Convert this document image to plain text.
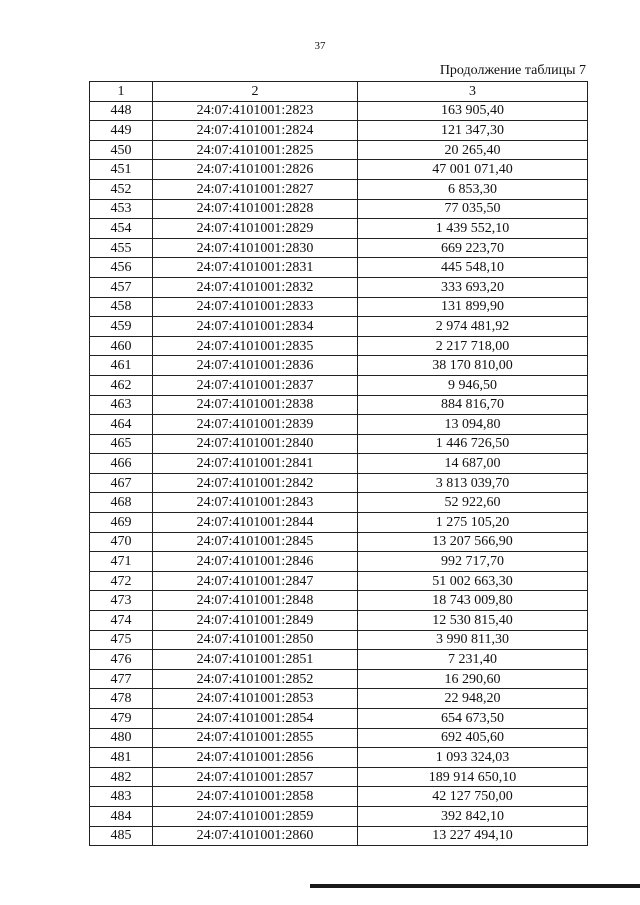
37
Продолжение таблицы 7
1	2	3
448	24:07:4101001:2823	163 905,40
449	24:07:4101001:2824	121 347,30
450	24:07:4101001:2825	20 265,40
451	24:07:4101001:2826	47 001 071,40
452	24:07:4101001:2827	6 853,30
453	24:07:4101001:2828	77 035,50
454	24:07:4101001:2829	1 439 552,10
455	24:07:4101001:2830	669 223,70
456	24:07:4101001:2831	445 548,10
457	24:07:4101001:2832	333 693,20
458	24:07:4101001:2833	131 899,90
459	24:07:4101001:2834	2 974 481,92
460	24:07:4101001:2835	2 217 718,00
461	24:07:4101001:2836	38 170 810,00
462	24:07:4101001:2837	9 946,50
463	24:07:4101001:2838	884 816,70
464	24:07:4101001:2839	13 094,80
465	24:07:4101001:2840	1 446 726,50
466	24:07:4101001:2841	14 687,00
467	24:07:4101001:2842	3 813 039,70
468	24:07:4101001:2843	52 922,60
469	24:07:4101001:2844	1 275 105,20
470	24:07:4101001:2845	13 207 566,90
471	24:07:4101001:2846	992 717,70
472	24:07:4101001:2847	51 002 663,30
473	24:07:4101001:2848	18 743 009,80
474	24:07:4101001:2849	12 530 815,40
475	24:07:4101001:2850	3 990 811,30
476	24:07:4101001:2851	7 231,40
477	24:07:4101001:2852	16 290,60
478	24:07:4101001:2853	22 948,20
479	24:07:4101001:2854	654 673,50
480	24:07:4101001:2855	692 405,60
481	24:07:4101001:2856	1 093 324,03
482	24:07:4101001:2857	189 914 650,10
483	24:07:4101001:2858	42 127 750,00
484	24:07:4101001:2859	392 842,10
485	24:07:4101001:2860	13 227 494,10
